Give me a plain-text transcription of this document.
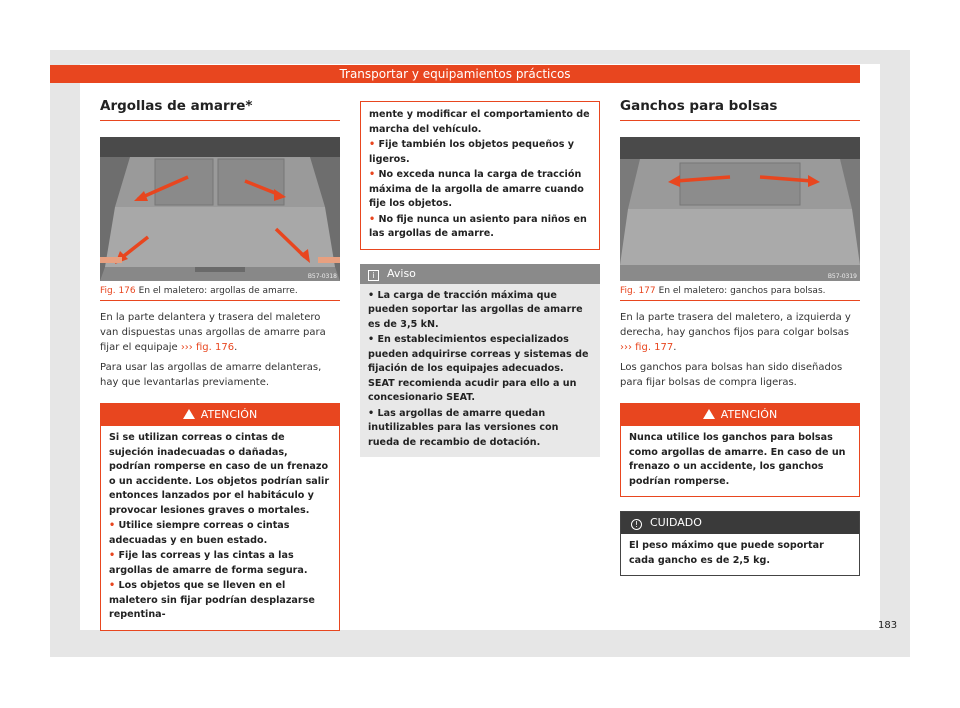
Transportar y equipamientos prácticos
Argollas de amarre*
B57-0318
Fig. 176 En el maletero: argollas de amarre.

En la parte delantera y trasera del maletero van dispuestas unas argollas de amarre para fijar el equipaje ››› fig. 176.

Para usar las argollas de amarre delanteras, hay que levantarlas previamente.

ATENCIÓN
Si se utilizan correas o cintas de sujeción inadecuadas o dañadas, podrían romperse en caso de un frenazo o un accidente. Los objetos podrían salir entonces lanzados por el habitáculo y provocar lesiones graves o mortales.
• Utilice siempre correas o cintas adecuadas y en buen estado.
• Fije las correas y las cintas a las argollas de amarre de forma segura.
• Los objetos que se lleven en el maletero sin fijar podrían desplazarse repentina-
mente y modificar el comportamiento de marcha del vehículo.
• Fije también los objetos pequeños y ligeros.
• No exceda nunca la carga de tracción máxima de la argolla de amarre cuando fije los objetos.
• No fije nunca un asiento para niños en las argollas de amarre.
i Aviso
• La carga de tracción máxima que pueden soportar las argollas de amarre es de 3,5 kN.
• En establecimientos especializados pueden adquirirse correas y sistemas de fijación de los equipajes adecuados. SEAT recomienda acudir para ello a un concesionario SEAT.
• Las argollas de amarre quedan inutilizables para las versiones con rueda de recambio de dotación.
Ganchos para bolsas
B57-0319
Fig. 177 En el maletero: ganchos para bolsas.

En la parte trasera del maletero, a izquierda y derecha, hay ganchos fijos para colgar bolsas ››› fig. 177.

Los ganchos para bolsas han sido diseñados para fijar bolsas de compra ligeras.

ATENCIÓN
Nunca utilice los ganchos para bolsas como argollas de amarre. En caso de un frenazo o un accidente, los ganchos podrían romperse.
! CUIDADO
El peso máximo que puede soportar cada gancho es de 2,5 kg.
183
